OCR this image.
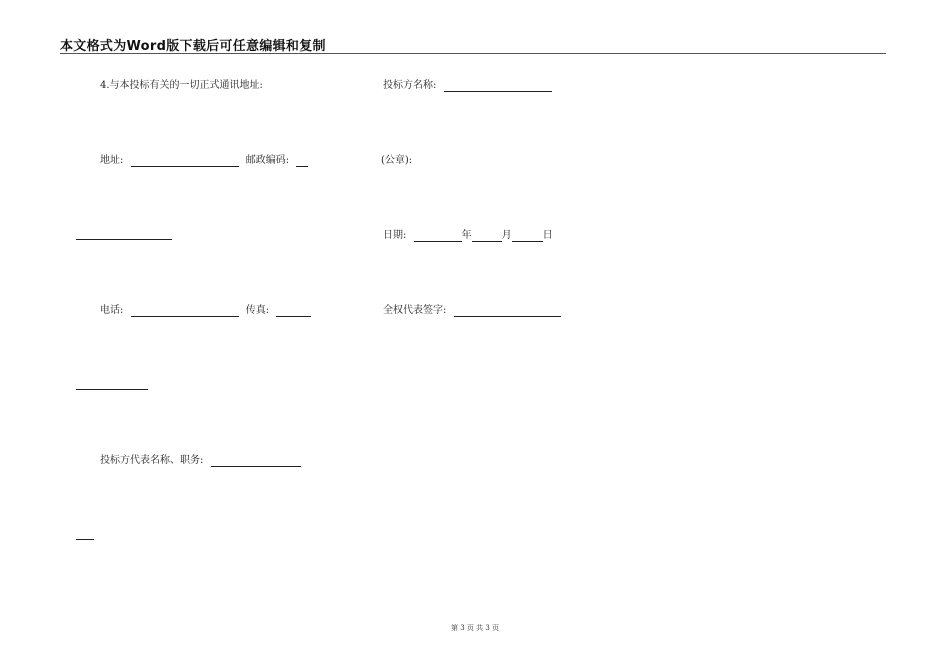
本文格式为Word版下载后可任意编辑和复制
4.与本投标有关的一切正式通讯地址:
地址:	邮政编码:
电话:	传真:
投标方代表名称、职务:
投标方名称:
(公章):
日期:	年	月	日
全权代表签字:
第 3 页 共 3 页
